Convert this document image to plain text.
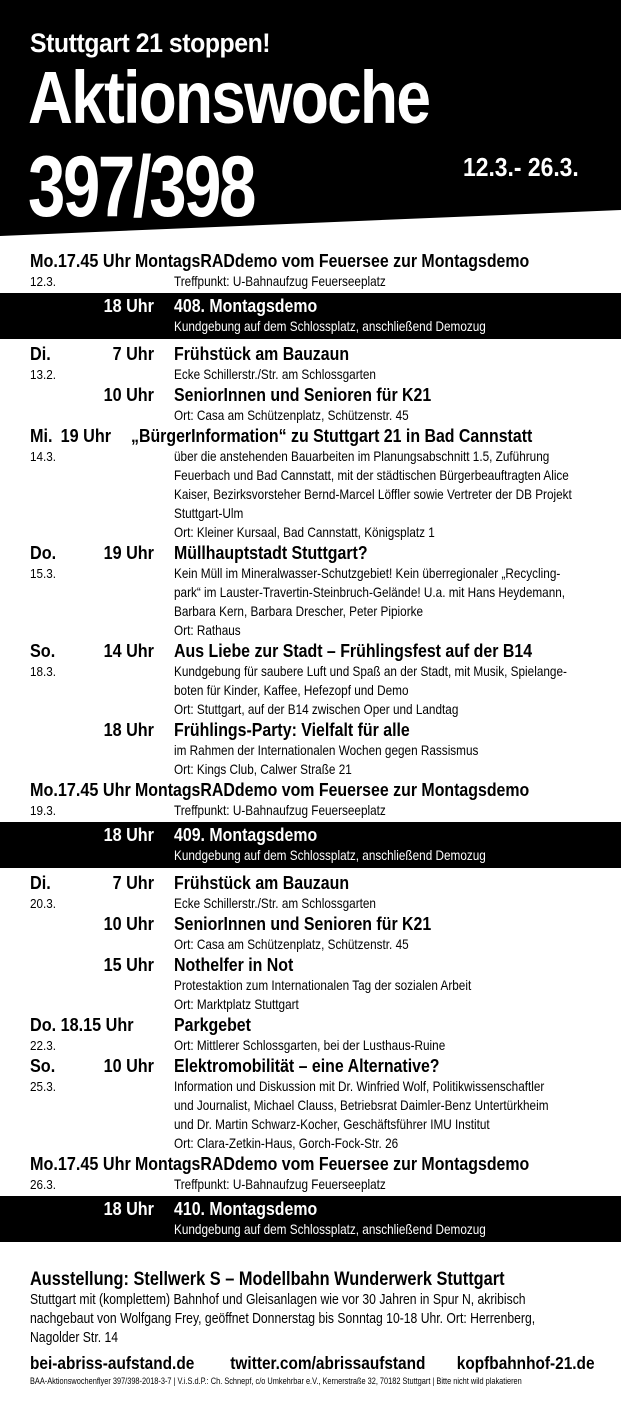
Stuttgart 21 stoppen!
Aktionswoche
397/398	12.3.- 26.3.
Mo.17.45 Uhr MontagsRADdemo vom Feuersee zur Montagsdemo
12.3.	Treffpunkt: U-Bahnaufzug Feuerseeplatz
18 Uhr 408. Montagsdemo
Kundgebung auf dem Schlossplatz, anschließend Demozug
Di.	7 Uhr Frühstück am Bauzaun
13.2.	Ecke Schillerstr./Str. am Schlossgarten
10 Uhr SeniorInnen und Senioren für K21
Ort: Casa am Schützenplatz, Schützenstr. 45
Mi. 19 Uhr „BürgerInformation“ zu Stuttgart 21 in Bad Cannstatt
14.3.	über die anstehenden Bauarbeiten im Planungsabschnitt 1.5, Zuführung
Feuerbach und Bad Cannstatt, mit der städtischen Bürgerbeauftragten Alice
Kaiser, Bezirksvorsteher Bernd-Marcel Löffler sowie Vertreter der DB Projekt
Stuttgart-Ulm
Ort: Kleiner Kursaal, Bad Cannstatt, Königsplatz 1
Do.	19 Uhr Müllhauptstadt Stuttgart?
15.3.	Kein Müll im Mineralwasser-Schutzgebiet! Kein überregionaler „Recycling-
park“ im Lauster-Travertin-Steinbruch-Gelände! U.a. mit Hans Heydemann,
Barbara Kern, Barbara Drescher, Peter Pipiorke
Ort: Rathaus
So.	14 Uhr Aus Liebe zur Stadt – Frühlingsfest auf der B14
18.3.	Kundgebung für saubere Luft und Spaß an der Stadt, mit Musik, Spielange-
boten für Kinder, Kaffee, Hefezopf und Demo
Ort: Stuttgart, auf der B14 zwischen Oper und Landtag
18 Uhr Frühlings-Party: Vielfalt für alle
im Rahmen der Internationalen Wochen gegen Rassismus
Ort: Kings Club, Calwer Straße 21
Mo.17.45 Uhr MontagsRADdemo vom Feuersee zur Montagsdemo
19.3.	Treffpunkt: U-Bahnaufzug Feuerseeplatz
18 Uhr 409. Montagsdemo
Kundgebung auf dem Schlossplatz, anschließend Demozug
Di.	7 Uhr Frühstück am Bauzaun
20.3.	Ecke Schillerstr./Str. am Schlossgarten
10 Uhr SeniorInnen und Senioren für K21
Ort: Casa am Schützenplatz, Schützenstr. 45
15 Uhr Nothelfer in Not
Protestaktion zum Internationalen Tag der sozialen Arbeit
Ort: Marktplatz Stuttgart
Do. 18.15 Uhr Parkgebet
22.3.	Ort: Mittlerer Schlossgarten, bei der Lusthaus-Ruine
So.	10 Uhr Elektromobilität – eine Alternative?
25.3.	Information und Diskussion mit Dr. Winfried Wolf, Politikwissenschaftler
und Journalist, Michael Clauss, Betriebsrat Daimler-Benz Untertürkheim
und Dr. Martin Schwarz-Kocher, Geschäftsführer IMU Institut
Ort: Clara-Zetkin-Haus, Gorch-Fock-Str. 26
Mo.17.45 Uhr MontagsRADdemo vom Feuersee zur Montagsdemo
26.3.	Treffpunkt: U-Bahnaufzug Feuerseeplatz
18 Uhr 410. Montagsdemo
Kundgebung auf dem Schlossplatz, anschließend Demozug
Ausstellung: Stellwerk S – Modellbahn Wunderwerk Stuttgart
Stuttgart mit (komplettem) Bahnhof und Gleisanlagen wie vor 30 Jahren in Spur N, akribisch
nachgebaut von Wolfgang Frey, geöffnet Donnerstag bis Sonntag 10-18 Uhr. Ort: Herrenberg,
Nagolder Str. 14
bei-abriss-aufstand.de twitter.com/abrissaufstand kopfbahnhof-21.de
BAA-Aktionswochenflyer 397/398-2018-3-7 | V.i.S.d.P.: Ch. Schnepf, c/o Umkehrbar e.V., Kernerstraße 32, 70182 Stuttgart | Bitte nicht wild plakatieren
